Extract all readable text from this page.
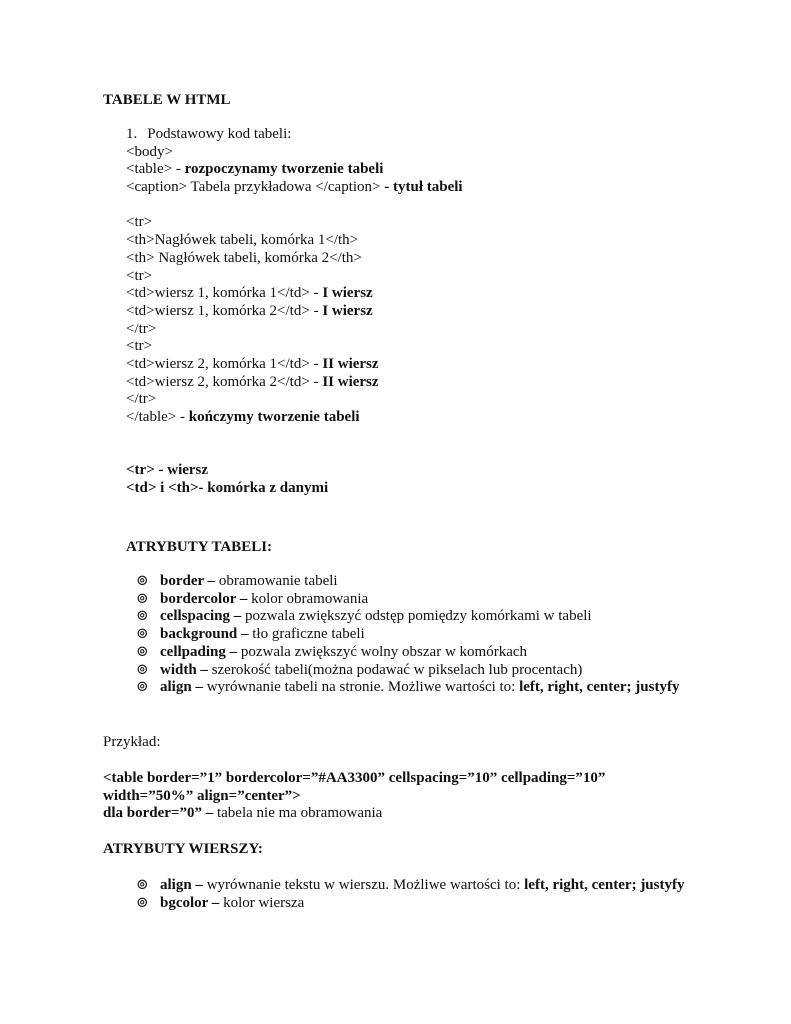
TABELE W HTML
1. Podstawowy kod tabeli:
<body>
<table> - rozpoczynamy tworzenie tabeli
<caption> Tabela przykładowa </caption> - tytuł tabeli
<tr>
<th>Nagłówek tabeli, komórka 1</th>
<th> Nagłówek tabeli, komórka 2</th>
<tr>
<td>wiersz 1, komórka 1</td> - I wiersz
<td>wiersz 1, komórka 2</td> - I wiersz
</tr>
<tr>
<td>wiersz 2, komórka 1</td> - II wiersz
<td>wiersz 2, komórka 2</td> - II wiersz
</tr>
</table> - kończymy tworzenie tabeli
<tr> - wiersz
<td> i <th>- komórka z danymi
ATRYBUTY TABELI:
⊚ border – obramowanie tabeli
⊚ bordercolor – kolor obramowania
⊚ cellspacing – pozwala zwiększyć odstęp pomiędzy komórkami w tabeli
⊚ background – tło graficzne tabeli
⊚ cellpading – pozwala zwiększyć wolny obszar w komórkach
⊚ width – szerokość tabeli(można podawać w pikselach lub procentach)
⊚ align – wyrównanie tabeli na stronie. Możliwe wartości to: left, right, center; justyfy
Przykład:
<table border=”1” bordercolor=”#AA3300” cellspacing=”10” cellpading=”10” width=”50%” align=”center”>
dla border=”0” – tabela nie ma obramowania
ATRYBUTY WIERSZY:
⊚ align – wyrównanie tekstu w wierszu. Możliwe wartości to: left, right, center; justyfy
⊚ bgcolor – kolor wiersza
